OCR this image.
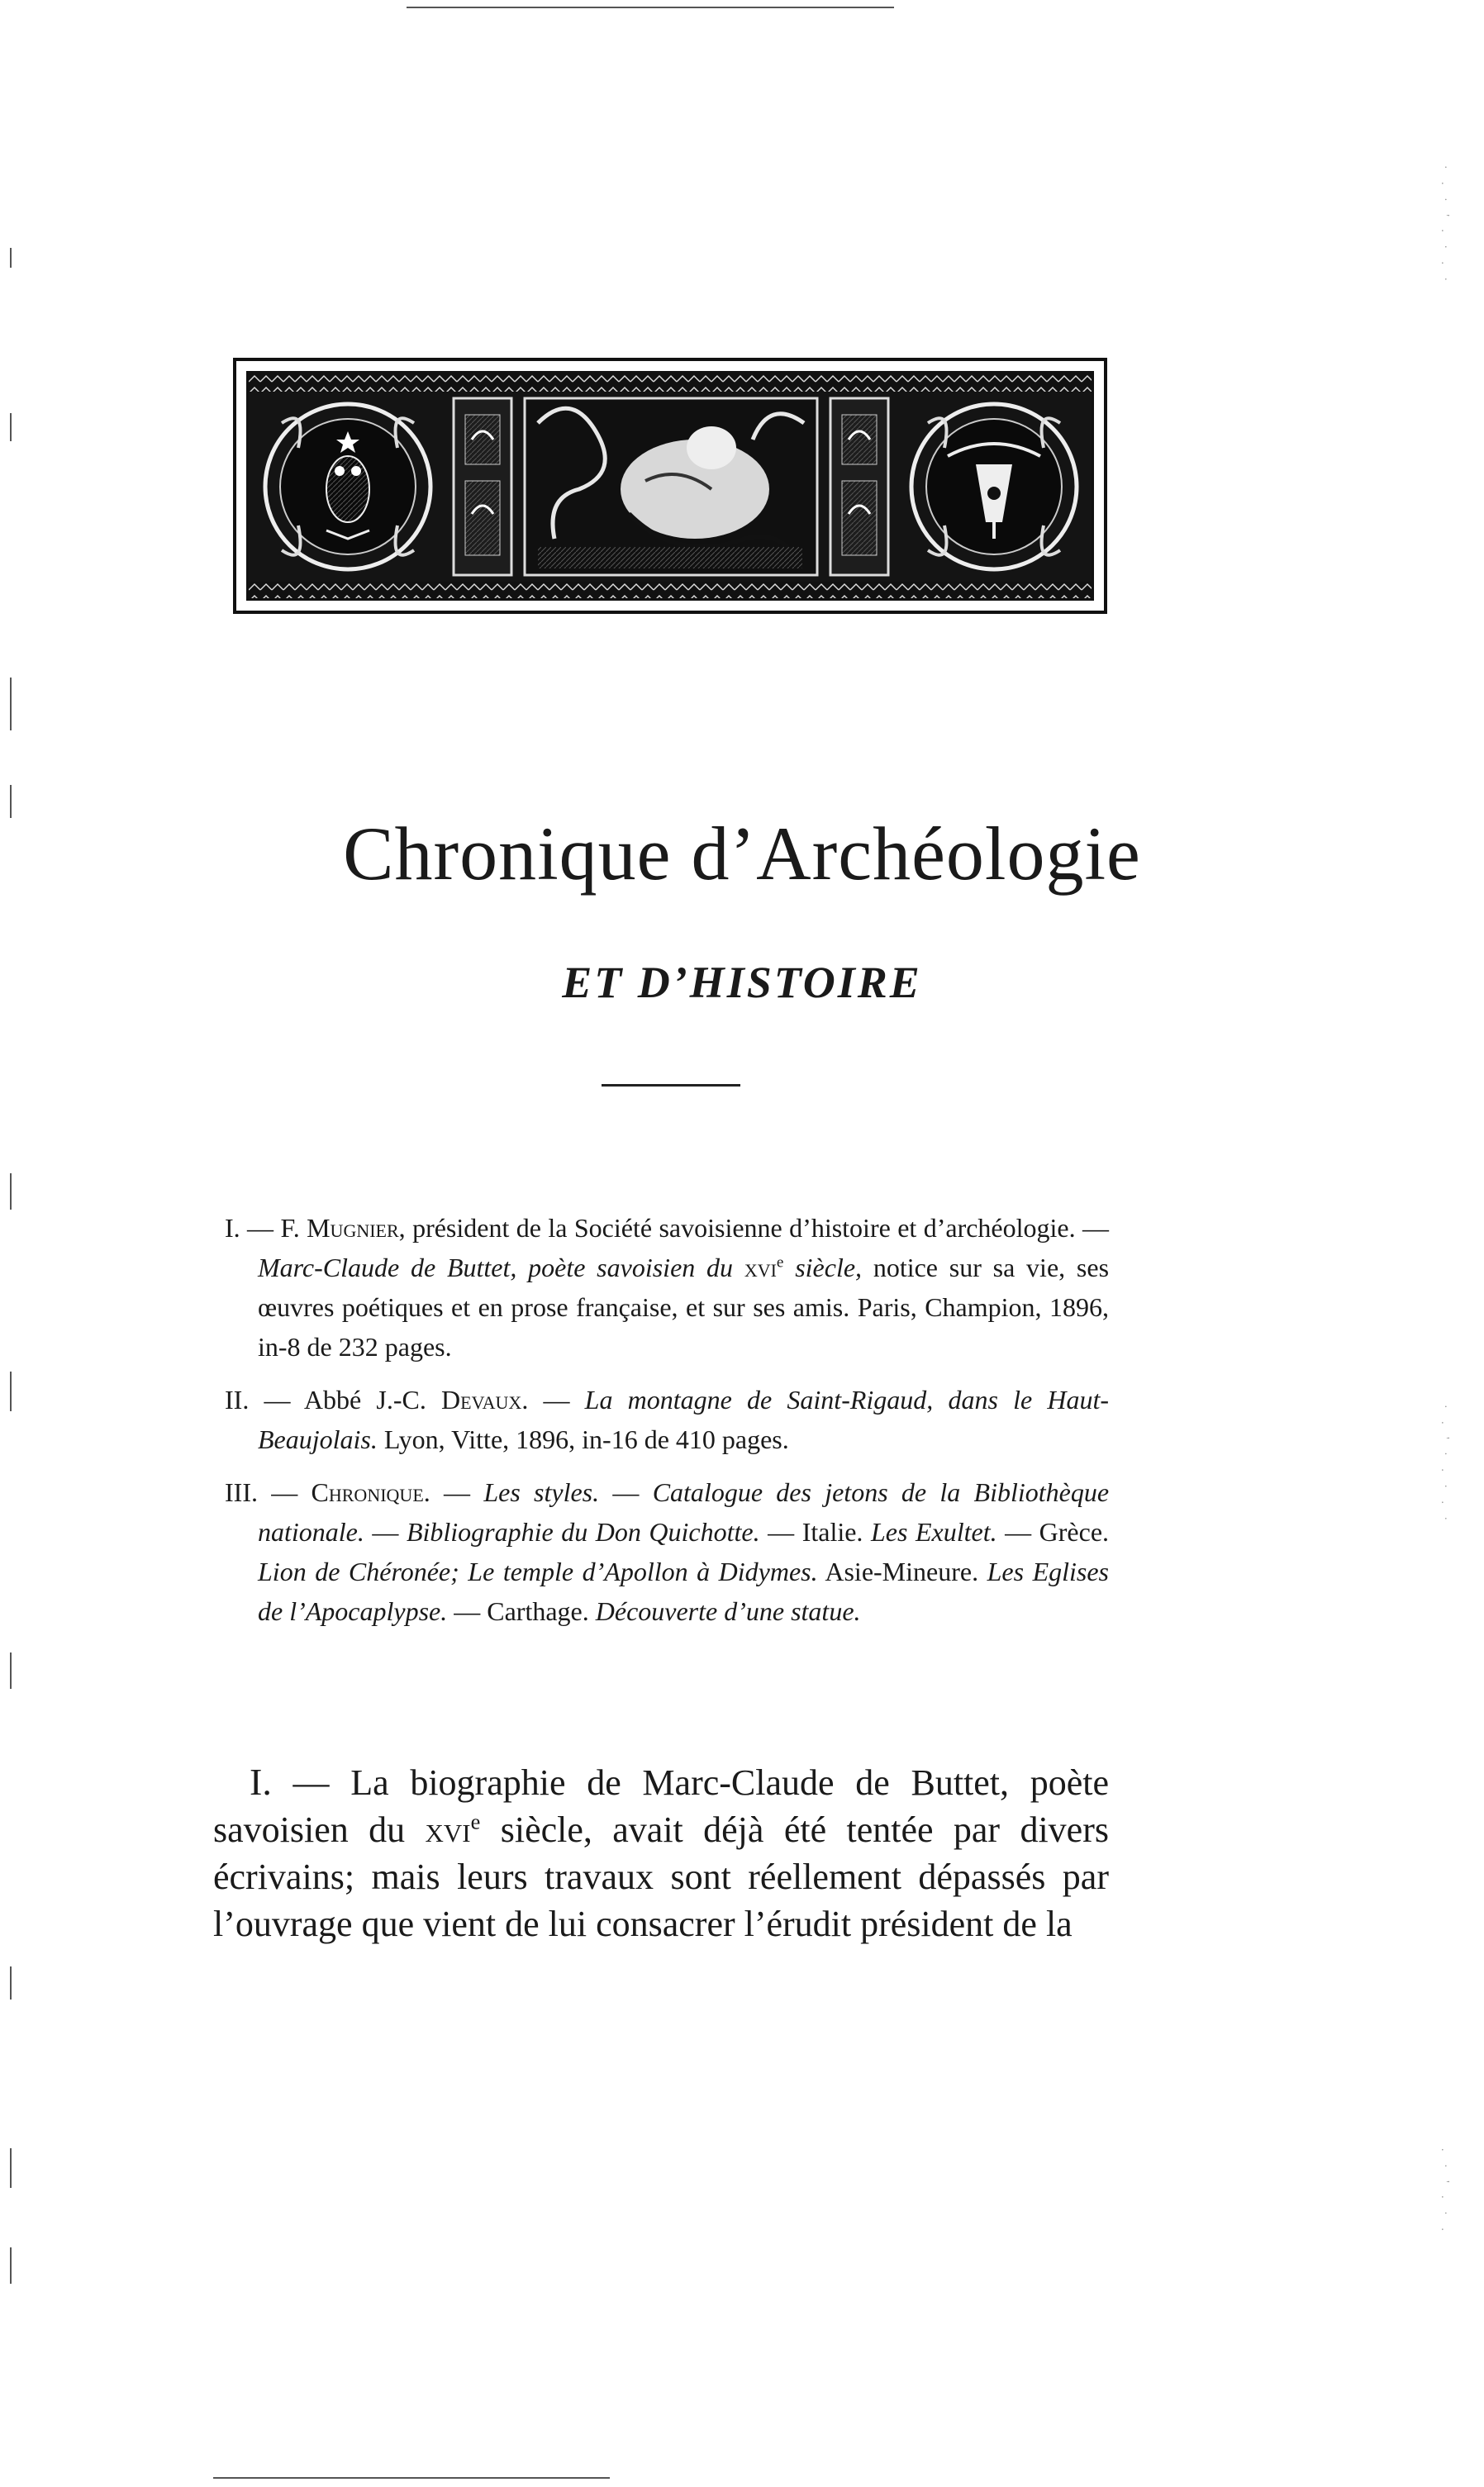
· . · ' . · . ·
· . ' · . · . ·
. · ' . · .
Chronique d’Archéologie
ET D’HISTOIRE

I. — F. Mugnier, président de la Société savoisienne d’histoire et d’archéologie. — Marc-Claude de Buttet, poète savoisien du xvi$^e$ siècle, notice sur sa vie, ses œuvres poétiques et en prose française, et sur ses amis. Paris, Champion, 1896, in-8 de 232 pages.

II. — Abbé J.-C. Devaux. — La montagne de Saint-Rigaud, dans le Haut-Beaujolais. Lyon, Vitte, 1896, in-16 de 410 pages.

III. — Chronique. — Les styles. — Catalogue des jetons de la Bibliothèque nationale. — Bibliographie du Don Quichotte. — Italie. Les Exultet. — Grèce. Lion de Chéronée; Le temple d’Apollon à Didymes. Asie-Mineure. Les Eglises de l’Apocaplypse. — Carthage. Découverte d’une statue.

I. — La biographie de Marc-Claude de Buttet, poète savoisien du xvi$^e$ siècle, avait déjà été tentée par divers écrivains; mais leurs travaux sont réellement dépassés par l’ouvrage que vient de lui consacrer l’érudit président de la
